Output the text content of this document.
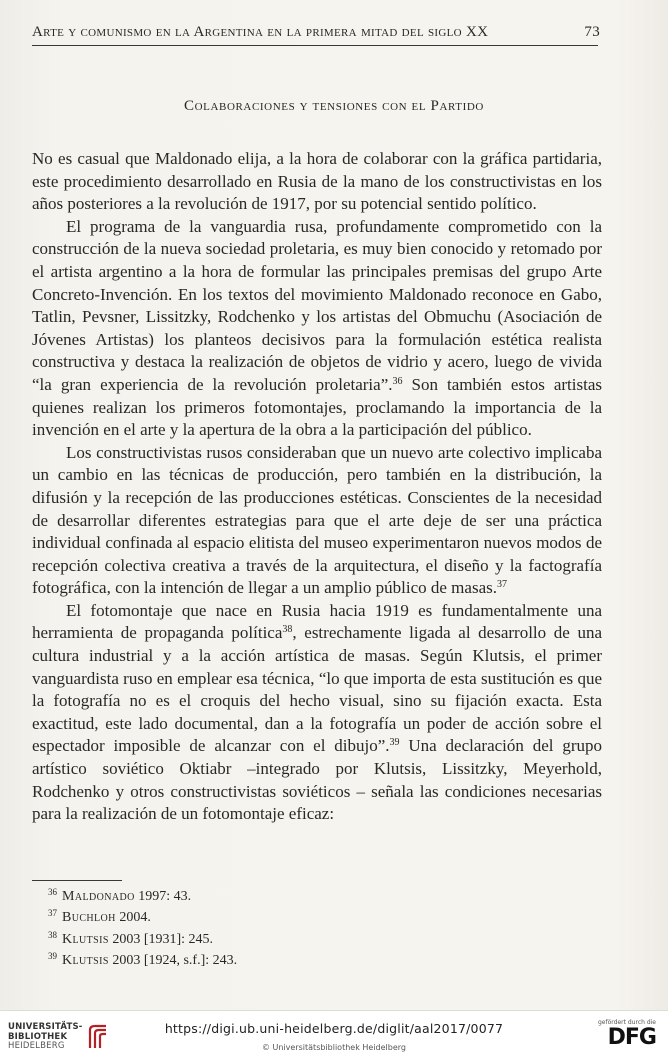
Arte y comunismo en la Argentina en la primera mitad del siglo XX	73
Colaboraciones y tensiones con el Partido

No es casual que Maldonado elija, a la hora de colaborar con la gráfica partidaria, este procedimiento desarrollado en Rusia de la mano de los constructivistas en los años posteriores a la revolución de 1917, por su potencial sentido político.

El programa de la vanguardia rusa, profundamente comprometido con la construcción de la nueva sociedad proletaria, es muy bien conocido y retomado por el artista argentino a la hora de formular las principales premisas del grupo Arte Concreto-Invención. En los textos del movimiento Maldonado reconoce en Gabo, Tatlin, Pevsner, Lissitzky, Rodchenko y los artistas del Obmuchu (Asociación de Jóvenes Artistas) los planteos decisivos para la formulación estética realista constructiva y destaca la realización de objetos de vidrio y acero, luego de vivida “la gran experiencia de la revolución proletaria”.$^{36}$ Son también estos artistas quienes realizan los primeros fotomontajes, proclamando la importancia de la invención en el arte y la apertura de la obra a la participación del público.

Los constructivistas rusos consideraban que un nuevo arte colectivo implicaba un cambio en las técnicas de producción, pero también en la distribución, la difusión y la recepción de las producciones estéticas. Conscientes de la necesidad de desarrollar diferentes estrategias para que el arte deje de ser una práctica individual confinada al espacio elitista del museo experimentaron nuevos modos de recepción colectiva creativa a través de la arquitectura, el diseño y la factografía fotográfica, con la intención de llegar a un amplio público de masas.$^{37}$

El fotomontaje que nace en Rusia hacia 1919 es fundamentalmente una herramienta de propaganda política$^{38}$, estrechamente ligada al desarrollo de una cultura industrial y a la acción artística de masas. Según Klutsis, el primer vanguardista ruso en emplear esa técnica, “lo que importa de esta sustitución es que la fotografía no es el croquis del hecho visual, sino su fijación exacta. Esta exactitud, este lado documental, dan a la fotografía un poder de acción sobre el espectador imposible de alcanzar con el dibujo”.$^{39}$ Una declaración del grupo artístico soviético Oktiabr –integrado por Klutsis, Lissitzky, Meyerhold, Rodchenko y otros constructivistas soviéticos – señala las condiciones necesarias para la realización de un fotomontaje eficaz:

$^{36}$ Maldonado 1997: 43.
$^{37}$ Buchloh 2004.
$^{38}$ Klutsis 2003 [1931]: 245.
$^{39}$ Klutsis 2003 [1924, s.f.]: 243.
UNIVERSITÄTS-
BIBLIOTHEK
HEIDELBERG
https://digi.ub.uni-heidelberg.de/diglit/aal2017/0077
© Universitätsbibliothek Heidelberg
gefördert durch die
DFG
